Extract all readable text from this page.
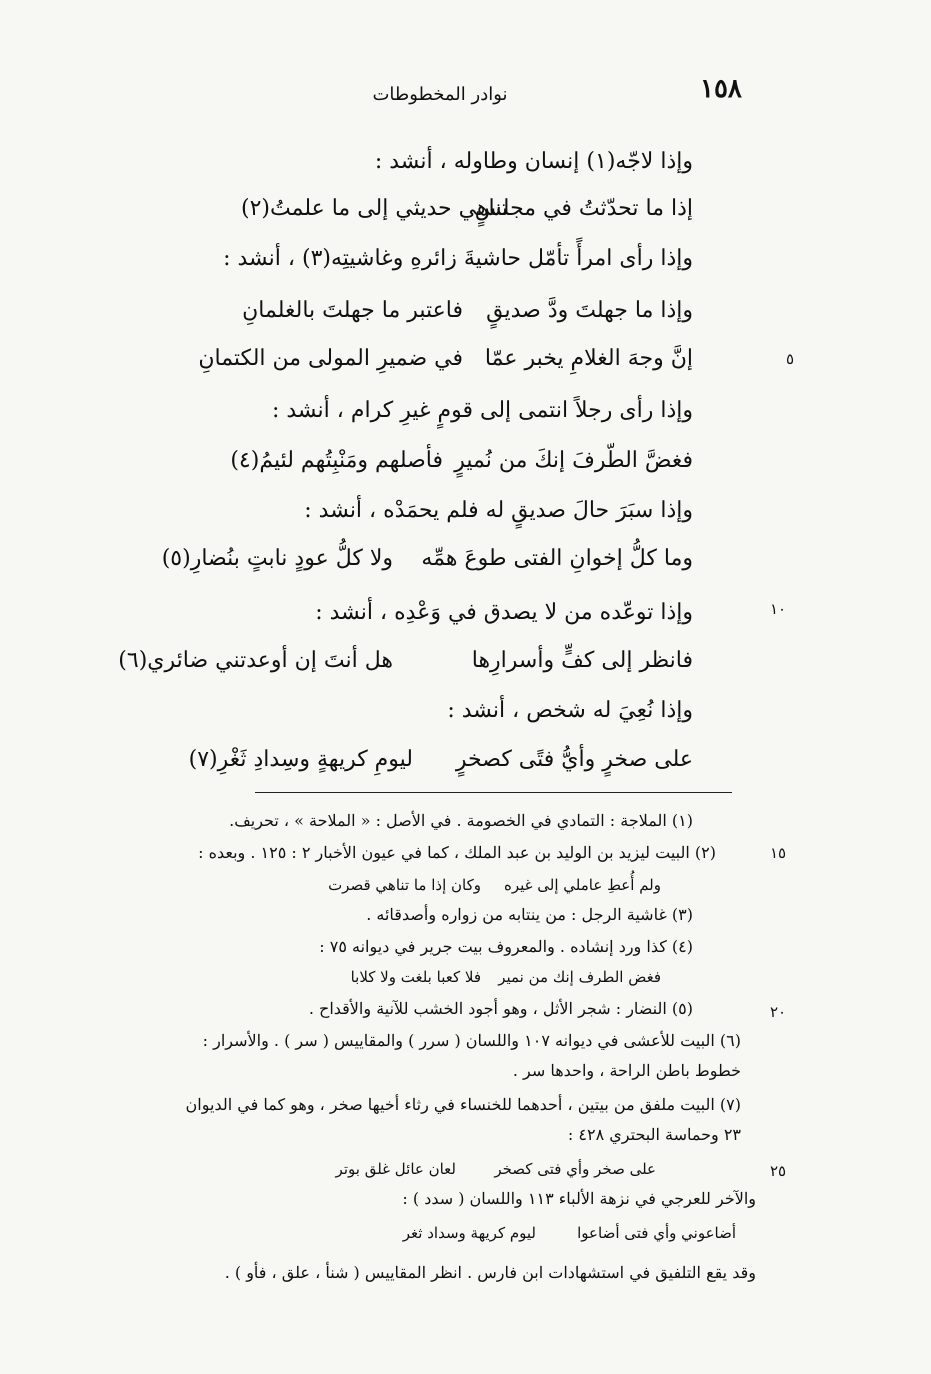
١٥٨
نوادر المخطوطات
وإذا لاجّه(١) إنسان وطاوله ، أنشد :
إذا ما تحدّثتُ في مجلسٍ
تناهي حديثي إلى ما علمتُ(٢)
وإذا رأى امرأً تأمّل حاشيةَ زائرهِ وغاشيتِه(٣) ، أنشد :
وإذا ما جهلتَ ودَّ صديقٍ
فاعتبر ما جهلتَ بالغلمانِ
إنَّ وجهَ الغلامِ يخبر عمّا
في ضميرِ المولى من الكتمانِ
وإذا رأى رجلاً انتمى إلى قومٍ غيرِ كرام ، أنشد :
فغضَّ الطّرفَ إنكَ من نُميرٍ
فأصلهم ومَنْبِتُهم لئيمُ(٤)
وإذا سبَرَ حالَ صديقٍ له فلم يحمَدْه ، أنشد :
وما كلُّ إخوانِ الفتى طوعَ همِّه
ولا كلُّ عودٍ نابتٍ بنُضارِ(٥)
وإذا توعّده من لا يصدق في وَعْدِه ، أنشد :
فانظر إلى كفٍّ وأسرارِها
هل أنتَ إن أوعدتني ضائري(٦)
وإذا نُعِيَ له شخص ، أنشد :
على صخرٍ وأيُّ فتًى كصخرٍ
ليومِ كريهةٍ وسِدادِ ثَغْرِ(٧)
٥
١٠
١٥
٢٠
٢٥
(١) الملاجة : التمادي في الخصومة . في الأصل : « الملاحة » ، تحريف.
(٢) البيت ليزيد بن الوليد بن عبد الملك ، كما في عيون الأخبار ٢ : ١٢٥ . وبعده :
ولم أُعطِ عاملي إلى غيره
وكان إذا ما تناهي قصرت
(٣) غاشية الرجل : من ينتابه من زواره وأصدقائه .
(٤) كذا ورد إنشاده . والمعروف بيت جرير في ديوانه ٧٥ :
فغض الطرف إنك من نمير
فلا كعبا بلغت ولا كلابا
(٥) النضار : شجر الأثل ، وهو أجود الخشب للآنية والأقداح .
(٦) البيت للأعشى في ديوانه ١٠٧ واللسان ( سرر ) والمقاييس ( سر ) . والأسرار :
خطوط باطن الراحة ، واحدها سر .
(٧) البيت ملفق من بيتين ، أحدهما للخنساء في رثاء أخيها صخر ، وهو كما في الديوان
٢٣ وحماسة البحتري ٤٢٨ :
على صخر وأي فتى كصخر
لعان عائل غلق بوتر
والآخر للعرجي في نزهة الألباء ١١٣ واللسان ( سدد ) :
أضاعوني وأي فتى أضاعوا
ليوم كريهة وسداد ثغر
وقد يقع التلفيق في استشهادات ابن فارس . انظر المقاييس ( شنأ ، علق ، فأو ) .
